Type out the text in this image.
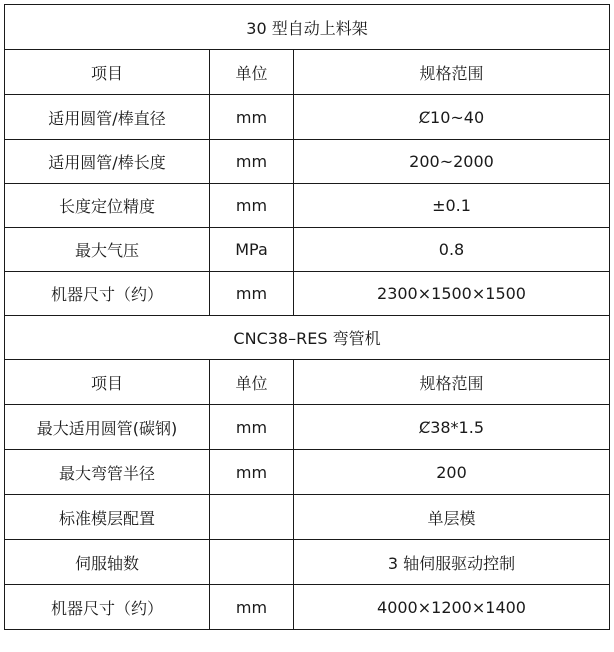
30 型自动上料架		
项目	单位	规格范围
适用圆管/棒直径	mm	Ȼ10~40
适用圆管/棒长度	mm	200~2000
长度定位精度	mm	±0.1
最大气压	MPa	0.8
机器尺寸（约）	mm	2300×1500×1500
CNC38–RES 弯管机		
项目	单位	规格范围
最大适用圆管(碳钢)	mm	Ȼ38*1.5
最大弯管半径	mm	200
标准模层配置		单层模
伺服轴数		3 轴伺服驱动控制
机器尺寸（约）	mm	4000×1200×1400
